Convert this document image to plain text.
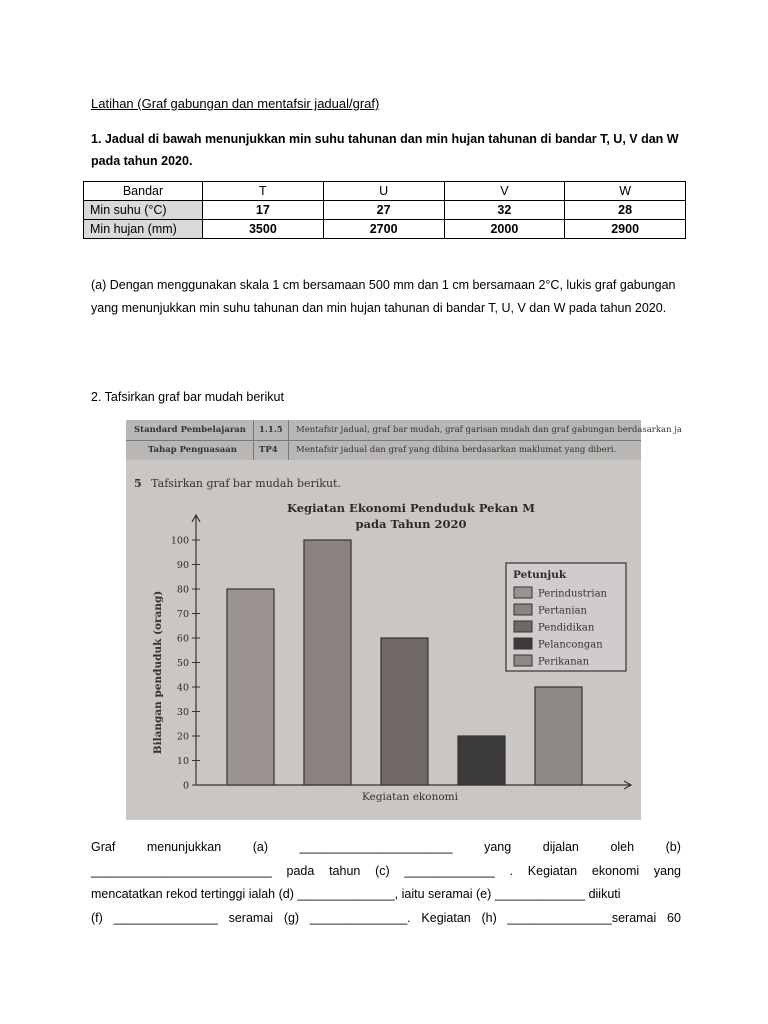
Latihan (Graf gabungan dan mentafsir jadual/graf)
1. Jadual di bawah menunjukkan min suhu tahunan dan min hujan tahunan di bandar T, U, V dan W pada tahun 2020.
Bandar	T	U	V	W
Min suhu (°C)	17	27	32	28
Min hujan (mm)	3500	2700	2000	2900
(a) Dengan menggunakan skala 1 cm bersamaan 500 mm dan 1 cm bersamaan 2°C, lukis graf gabungan yang menunjukkan min suhu tahunan dan min hujan tahunan di bandar T, U, V dan W pada tahun 2020.
2. Tafsirkan graf bar mudah berikut
Standard Pembelajaran 1.1.5 Mentafsir jadual, graf bar mudah, graf garisan mudah dan graf gabungan berdasarkan ja
Tahap Penguasaan	TP4 Mentafsir jadual dan graf yang dibina berdasarkan maklumat yang diberi.
5 Tafsirkan graf bar mudah berikut.
Kegiatan Ekonomi Penduduk Pekan M
pada Tahun 2020
0
10
20
30
40
50
60
70
80
90
100
Bilangan penduduk (orang)
Kegiatan ekonomi
Petunjuk
Perindustrian
Pertanian
Pendidikan
Pelancongan
Perikanan
Graf	menunjukkan	(a)	______________________	yang	dijalan	oleh	(b)
__________________________ pada tahun (c) _____________ . Kegiatan ekonomi yang
mencatatkan rekod tertinggi ialah (d) ______________, iaitu seramai (e) _____________ diikuti
(f) _______________ seramai (g) ______________. Kegiatan (h) _______________seramai 60
